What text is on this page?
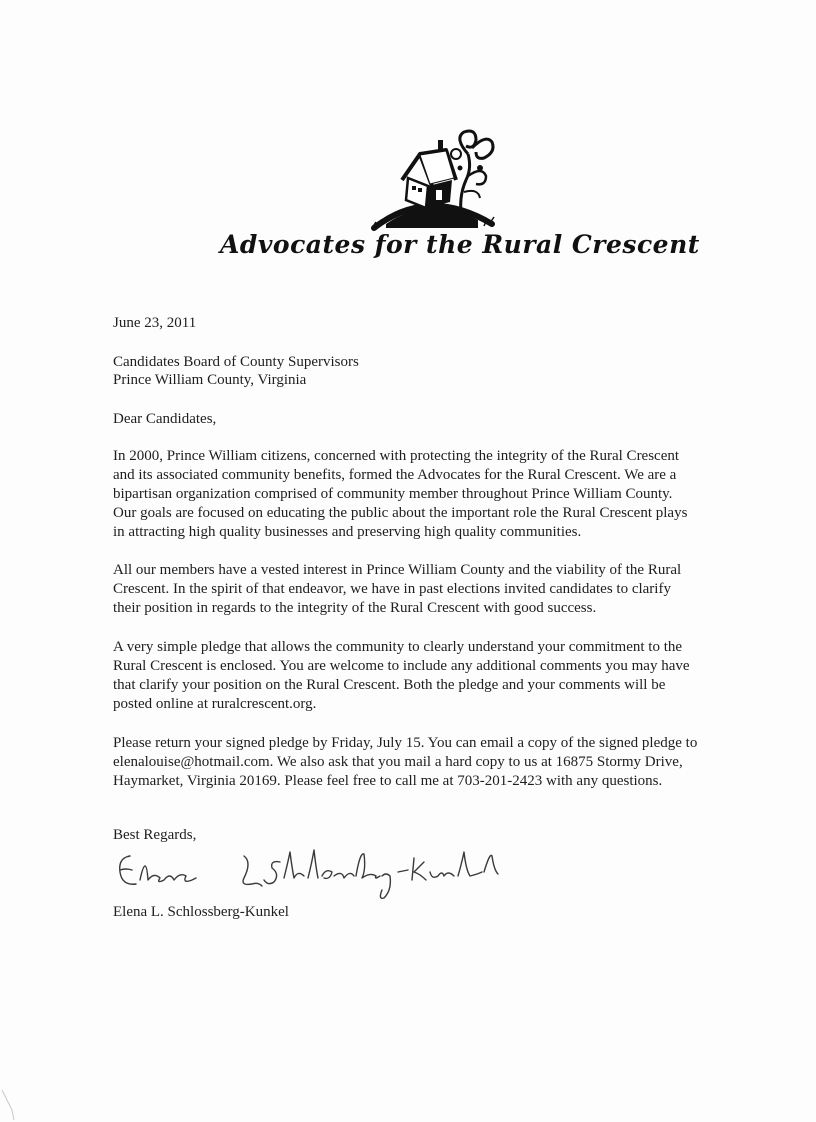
Advocates for the Rural Crescent
June 23, 2011
Candidates Board of County Supervisors
Prince William County, Virginia
Dear Candidates,
In 2000, Prince William citizens, concerned with protecting the integrity of the Rural Crescent
and its associated community benefits, formed the Advocates for the Rural Crescent. We are a
bipartisan organization comprised of community member throughout Prince William County.
Our goals are focused on educating the public about the important role the Rural Crescent plays
in attracting high quality businesses and preserving high quality communities.
All our members have a vested interest in Prince William County and the viability of the Rural
Crescent. In the spirit of that endeavor, we have in past elections invited candidates to clarify
their position in regards to the integrity of the Rural Crescent with good success.
A very simple pledge that allows the community to clearly understand your commitment to the
Rural Crescent is enclosed. You are welcome to include any additional comments you may have
that clarify your position on the Rural Crescent. Both the pledge and your comments will be
posted online at ruralcrescent.org.
Please return your signed pledge by Friday, July 15. You can email a copy of the signed pledge to
elenalouise@hotmail.com. We also ask that you mail a hard copy to us at 16875 Stormy Drive,
Haymarket, Virginia 20169. Please feel free to call me at 703-201-2423 with any questions.
Best Regards,
Elena L. Schlossberg-Kunkel
